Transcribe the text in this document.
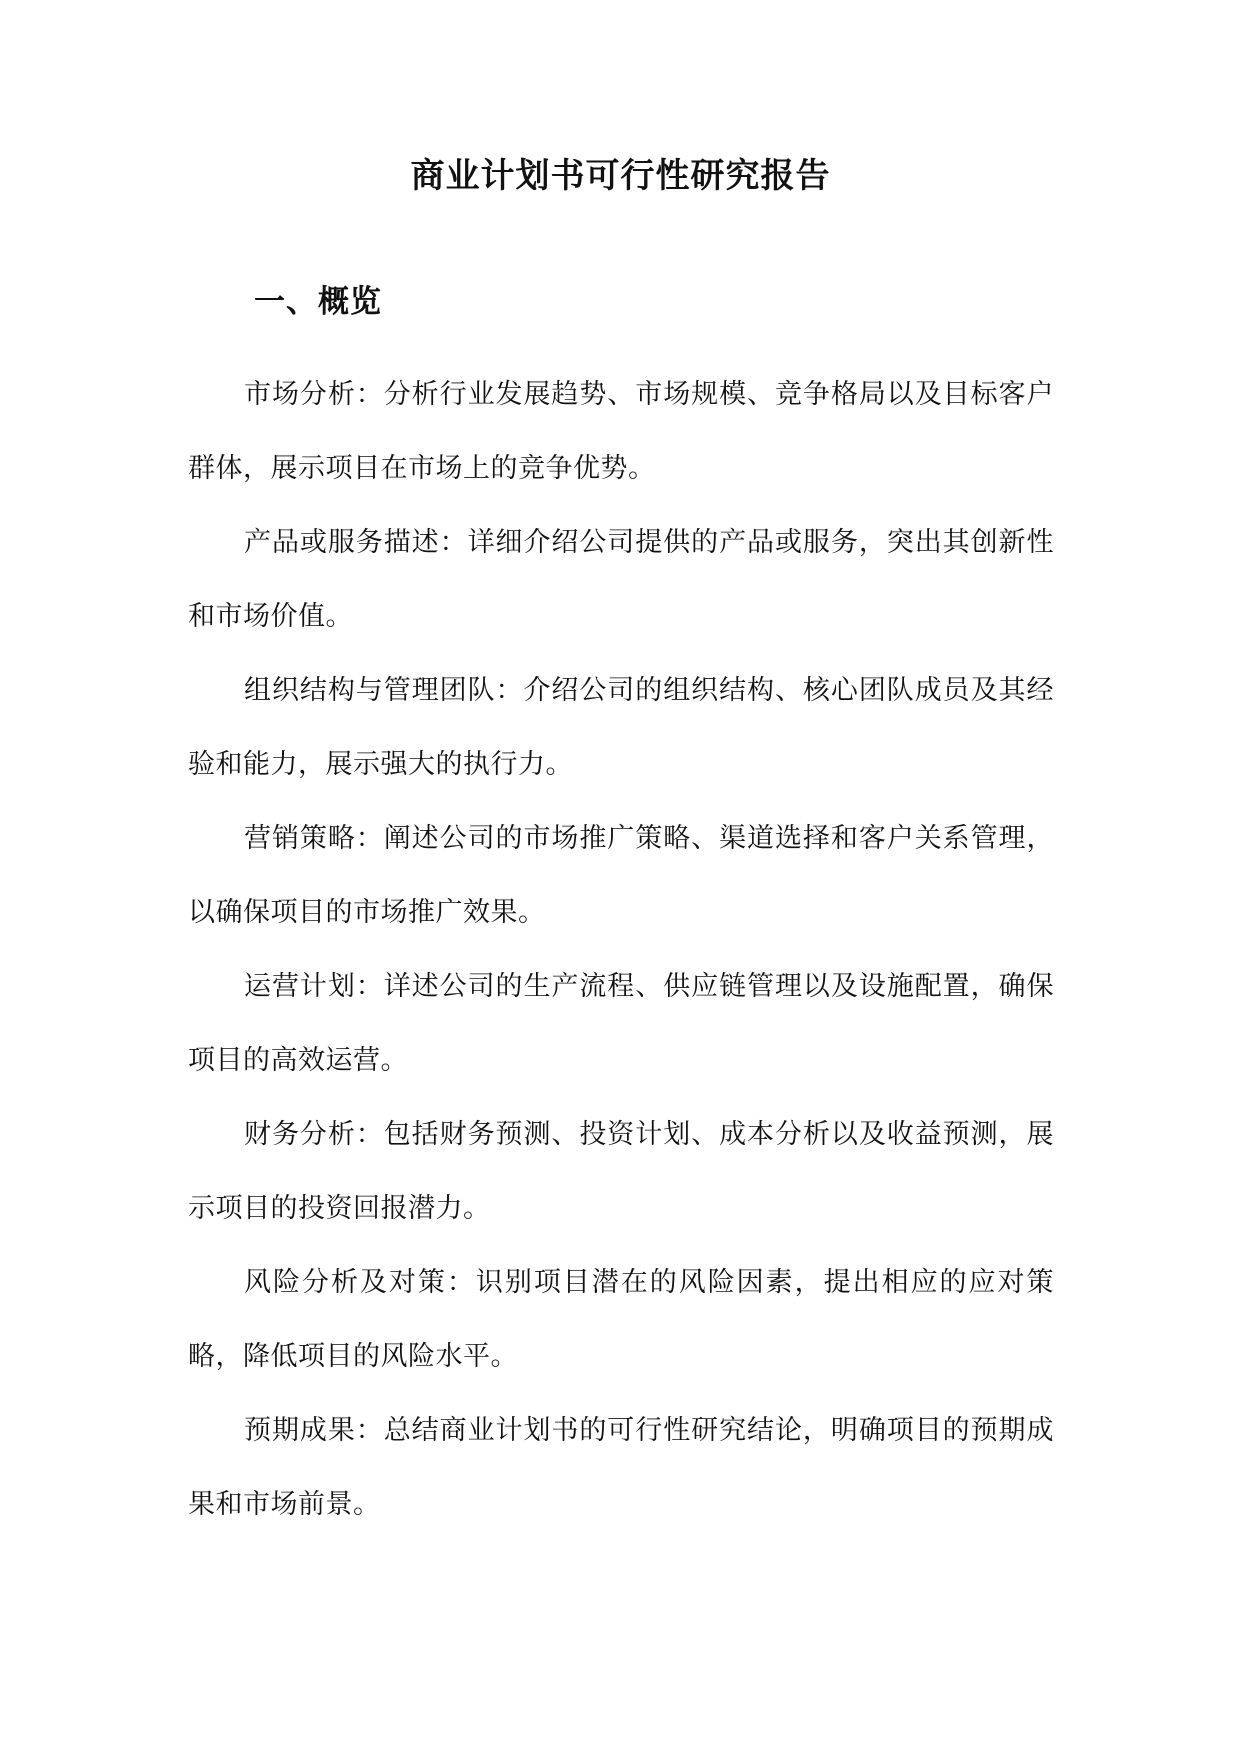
商业计划书可行性研究报告
一、概览

市场分析：分析行业发展趋势、市场规模、竞争格局以及目标客户群体，展示项目在市场上的竞争优势。

产品或服务描述：详细介绍公司提供的产品或服务，突出其创新性和市场价值。

组织结构与管理团队：介绍公司的组织结构、核心团队成员及其经验和能力，展示强大的执行力。

营销策略：阐述公司的市场推广策略、渠道选择和客户关系管理，以确保项目的市场推广效果。

运营计划：详述公司的生产流程、供应链管理以及设施配置，确保项目的高效运营。

财务分析：包括财务预测、投资计划、成本分析以及收益预测，展示项目的投资回报潜力。

风险分析及对策：识别项目潜在的风险因素，提出相应的应对策略，降低项目的风险水平。

预期成果：总结商业计划书的可行性研究结论，明确项目的预期成果和市场前景。
